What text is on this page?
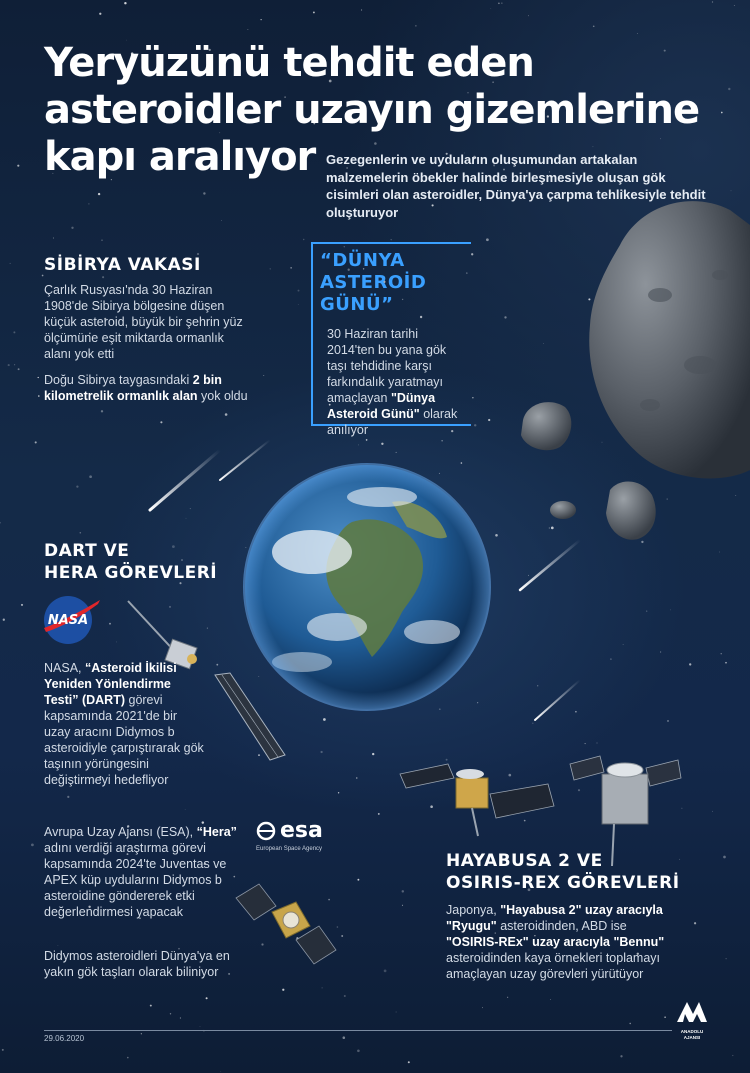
Yeryüzünü tehdit eden
asteroidler uzayın gizemlerine
kapı aralıyor Gezegenlerin ve uyduların oluşumundan artakalan malzemelerin öbekler halinde birleşmesiyle oluşan gök cisimleri olan asteroidler, Dünya'ya çarpma tehlikesiyle tehdit oluşturuyor

SİBİRYA VAKASI

Çarlık Rusyası'nda 30 Haziran 1908'de Sibirya bölgesine düşen küçük asteroid, büyük bir şehrin yüz ölçümüne eşit miktarda ormanlık alanı yok etti

Doğu Sibirya taygasındaki 2 bin kilometrelik ormanlık alan yok oldu

“DÜNYA
ASTEROİD
GÜNÜ”

30 Haziran tarihi 2014'ten bu yana gök taşı tehdidine karşı farkındalık yaratmayı amaçlayan "Dünya Asteroid Günü" olarak anılıyor

DART VE
HERA GÖREVLERİ
NASA

NASA, “Asteroid İkilisi Yeniden Yönlendirme Testi” (DART) görevi kapsamında 2021'de bir uzay aracını Didymos b asteroidiyle çarpıştırarak gök taşının yörüngesini değiştirmeyi hedefliyor

Avrupa Uzay Ajansı (ESA), “Hera” adını verdiği araştırma görevi kapsamında 2024'te Juventas ve APEX küp uydularını Didymos b asteroidine göndererek etki değerlendirmesi yapacak

Didymos asteroidleri Dünya'ya en yakın gök taşları olarak biliniyor

esa
European Space Agency
HAYABUSA 2 VE
OSIRIS-REX GÖREVLERİ

Japonya, "Hayabusa 2" uzay aracıyla "Ryugu" asteroidinden, ABD ise "OSIRIS-REx" uzay aracıyla "Bennu" asteroidinden kaya örnekleri toplamayı amaçlayan uzay görevleri yürütüyor

29.06.2020
ANADOLU AJANSI
